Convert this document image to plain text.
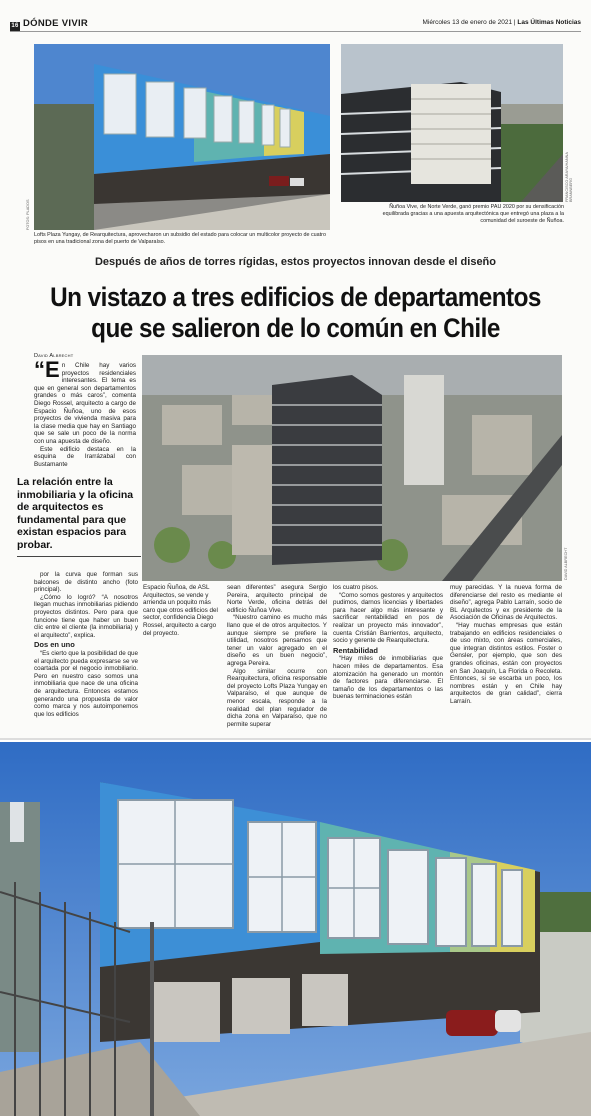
16 DÓNDE VIVIR	Miércoles 13 de enero de 2021 | Las Últimas Noticias
FOTOS: PLADOS
Lofts Plaza Yungay, de Rearquitectura, aprovecharon un subsidio del estado para colocar un multicolor proyecto de cuatro pisos en una tradicional zona del puerto de Valparaíso.
FRANCISCO ARAYA/HANNA BRANNBERG
Ñuñoa Vive, de Norte Verde, ganó premio PAU 2020 por su densificación equilibrada gracias a una apuesta arquitectónica que entregó una plaza a la comunidad del suroeste de Ñuñoa.
Después de años de torres rígidas, estos proyectos innovan desde el diseño
Un vistazo a tres edificios de departamentos
que se salieron de lo común en Chile
David Albrecht
“En Chile hay varios proyectos residenciales interesantes. El tema es que en general son departamentos grandes o más caros”, comenta Diego Rossel, arquitecto a cargo de Espacio Ñuñoa, uno de esos proyectos de vivienda masiva para la clase media que hay en Santiago que se sale un poco de la norma con una apuesta de diseño.
Este edificio destaca en la esquina de Irarrázabal con Bustamante
DAVID ALBRECHT
La relación entre la inmobiliaria y la oficina de arquitectos es fundamental para que existan espacios para probar.

por la curva que forman sus balcones de distinto ancho (foto principal).

¿Cómo lo logró? “A nosotros llegan muchas inmobiliarias pidiendo proyectos distintos. Pero para que funcione tiene que haber un buen clic entre el cliente (la inmobiliaria) y el arquitecto”, explica.

Dos en uno

“Es cierto que la posibilidad de que el arquitecto pueda expresarse se ve coartada por el negocio inmobiliario. Pero en nuestro caso somos una inmobiliaria que nace de una oficina de arquitectura. Entonces estamos generando una propuesta de valor como marca y nos autoimponemos que los edificios

Espacio Ñuñoa, de ASL Arquitectos, se vende y arrienda un poquito más caro que otros edificios del sector, confidencia Diego Rossel, arquitecto a cargo del proyecto.

sean diferentes” asegura Sergio Pereira, arquitecto principal de Norte Verde, oficina detrás del edificio Ñuñoa Vive.

“Nuestro camino es mucho más llano que el de otros arquitectos. Y aunque siempre se prefiere la utilidad, nosotros pensamos que tener un valor agregado en el diseño es un buen negocio”, agrega Pereira.

Algo similar ocurre con Rearquitectura, oficina responsable del proyecto Lofts Plaza Yungay en Valparaíso, el que aunque de menor escala, responde a la realidad del plan regulador de dicha zona en Valparaíso, que no permite superar

los cuatro pisos.

“Como somos gestores y arquitectos pudimos, darnos licencias y libertades para hacer algo más interesante y sacrificar rentabilidad en pos de realizar un proyecto más innovador”, cuenta Cristián Barrientos, arquitecto, socio y gerente de Rearquitectura.

Rentabilidad

“Hay miles de inmobiliarias que hacen miles de departamentos. Esa atomización ha generado un montón de factores para diferenciarse. El tamaño de los departamentos o las buenas terminaciones están

muy parecidas. Y la nueva forma de diferenciarse del resto es mediante el diseño”, agrega Pablo Larraín, socio de BL Arquitectos y ex presidente de la Asociación de Oficinas de Arquitectos.

“Hay muchas empresas que están trabajando en edificios residenciales o de uso mixto, con áreas comerciales, que integran distintos estilos. Foster o Gensler, por ejemplo, que son des grandes oficinas, están con proyectos en San Joaquín, La Florida o Recoleta. Entonces, si se escarba un poco, los nombres están y en Chile hay arquitectos de gran calidad”, cierra Larraín.
